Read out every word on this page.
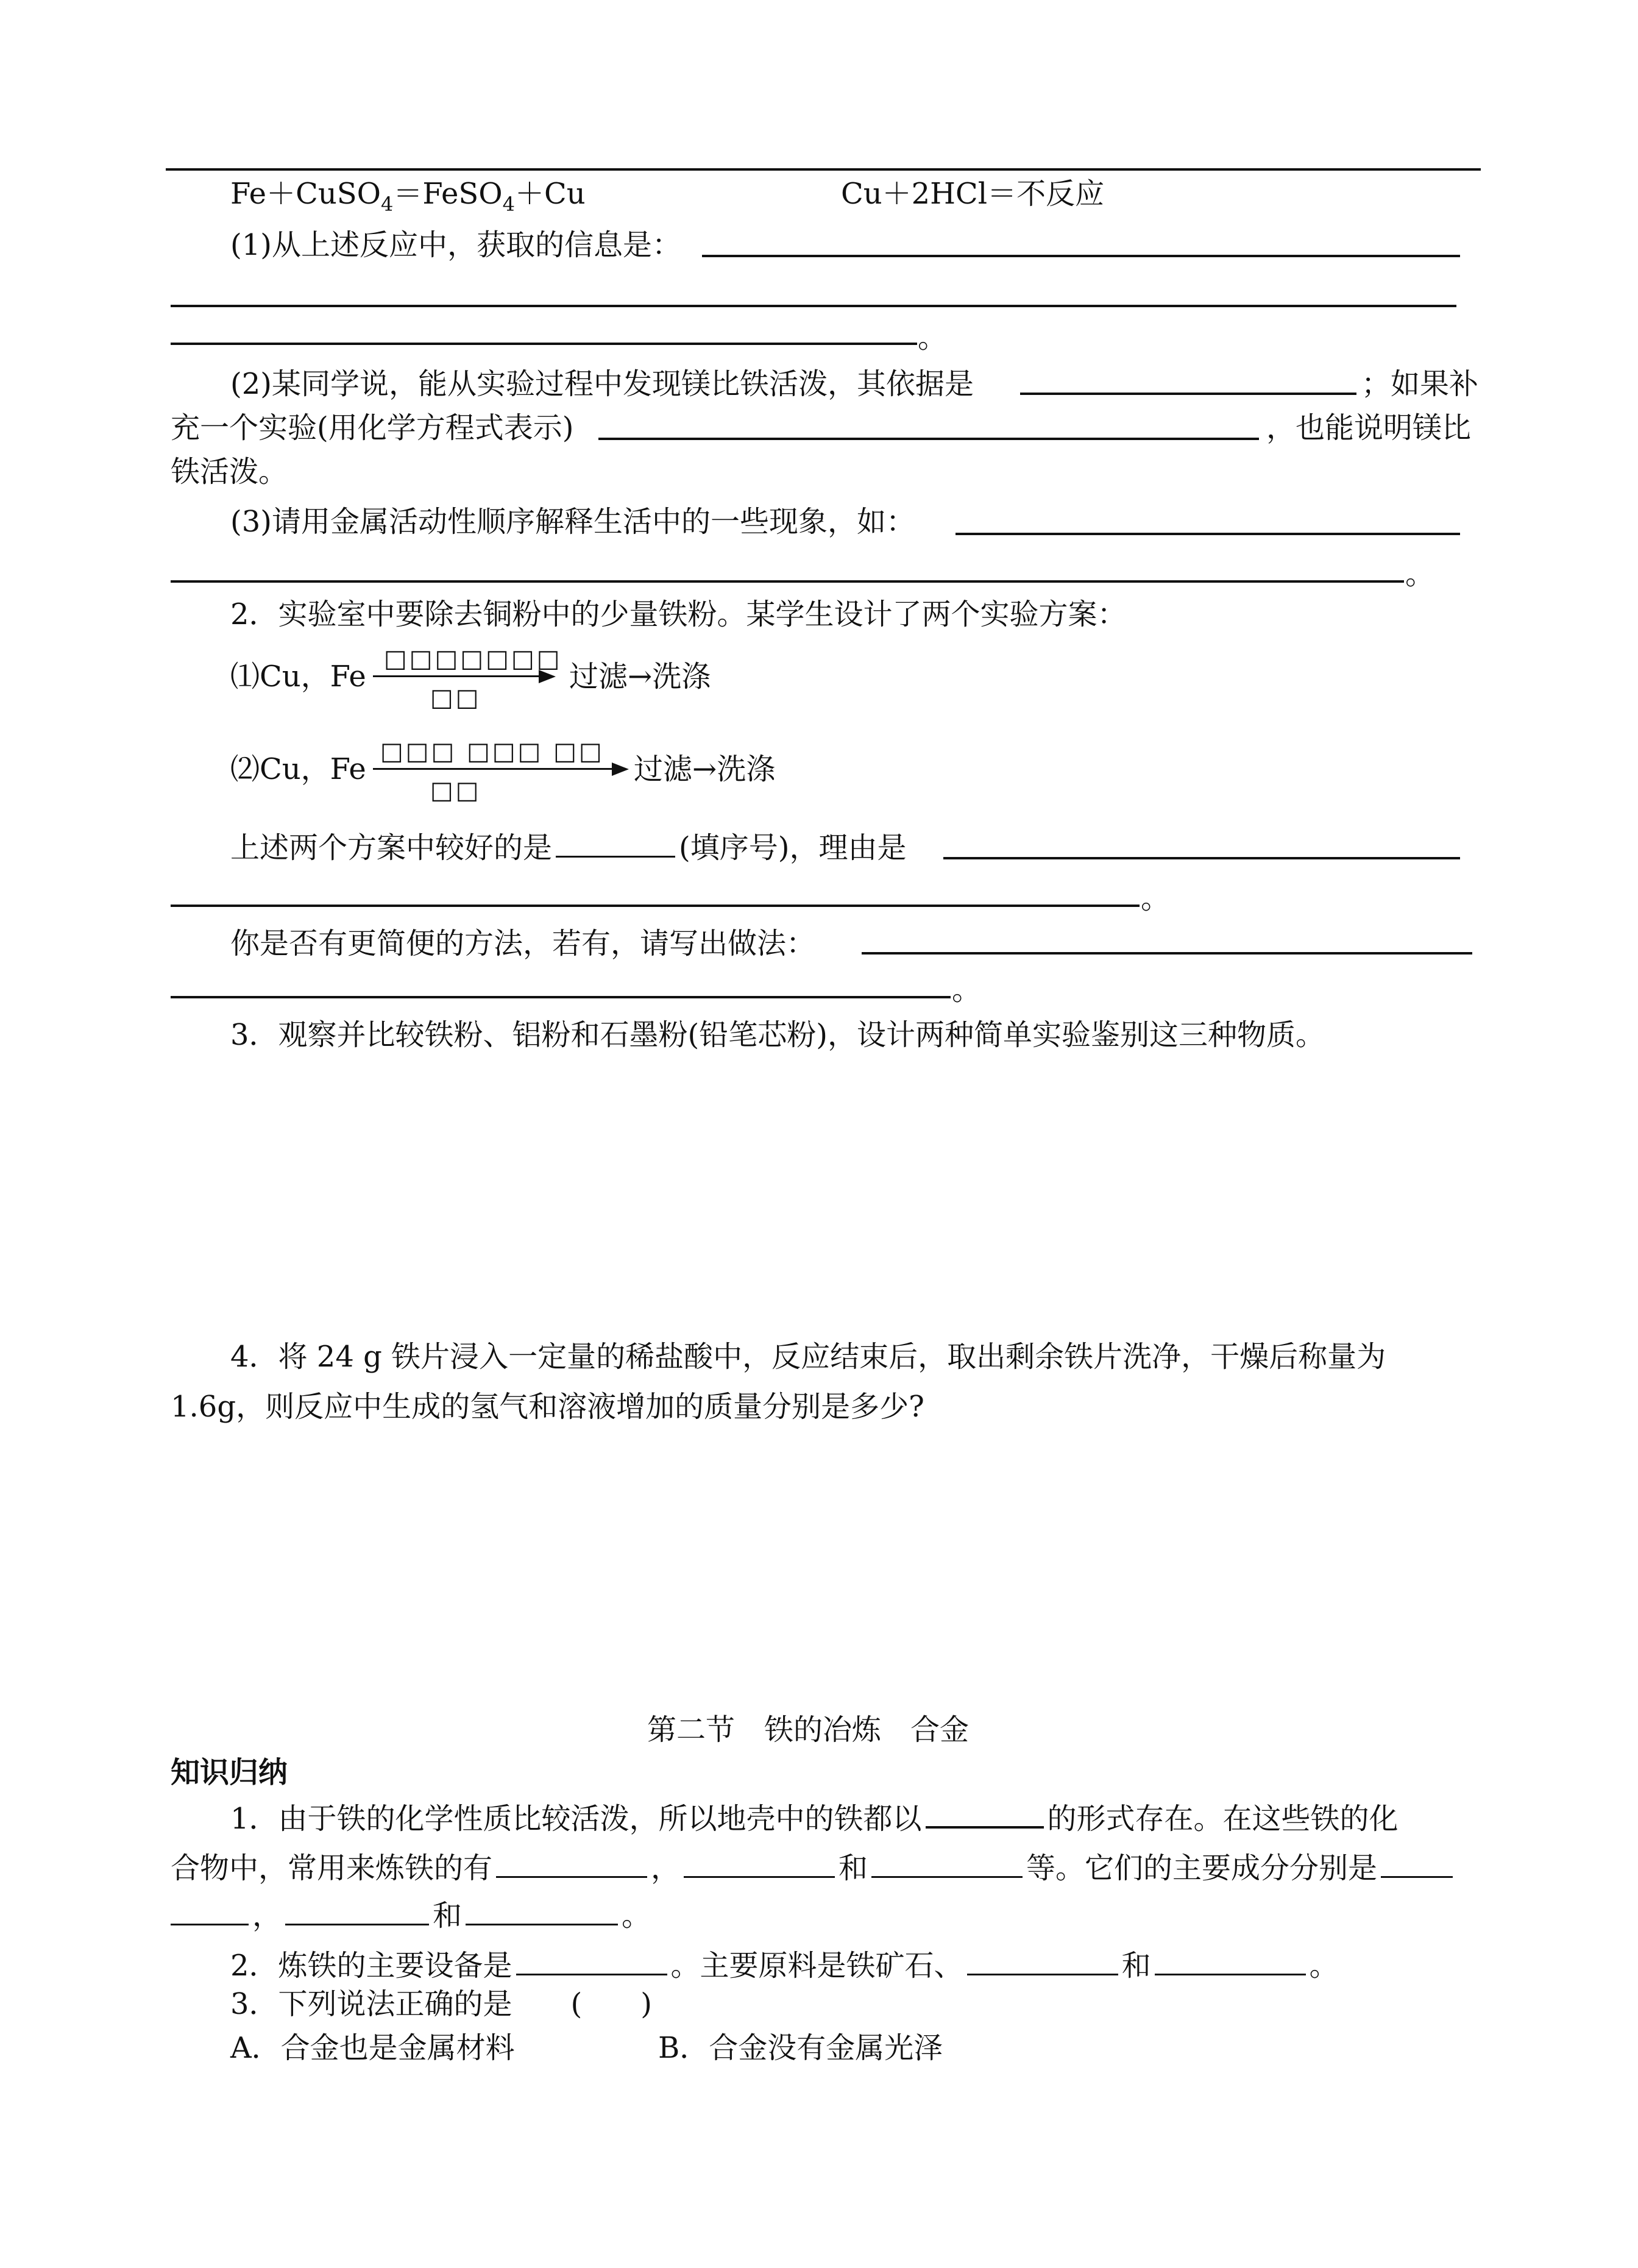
Fe＋CuSO$_4$＝FeSO$_4$＋Cu	Cu＋2HCl＝不反应
(1)从上述反应中，获取的信息是：
。
(2)某同学说，能从实验过程中发现镁比铁活泼，其依据是	；如果补
充一个实验(用化学方程式表示)	，也能说明镁比
铁活泼。
(3)请用金属活动性顺序解释生活中的一些现象，如：
。
2．实验室中要除去铜粉中的少量铁粉。某学生设计了两个实验方案：
⑴Cu，Fe
□□□□□□□
□□
过滤→洗涤
⑵Cu，Fe
□□□ □□□ □□
□□
过滤→洗涤
上述两个方案中较好的是	(填序号)，理由是
。
你是否有更简便的方法，若有，请写出做法：
。
3．观察并比较铁粉、铝粉和石墨粉(铅笔芯粉)，设计两种简单实验鉴别这三种物质。
4．将 24 g 铁片浸入一定量的稀盐酸中，反应结束后，取出剩余铁片洗净，干燥后称量为
1.6g，则反应中生成的氢气和溶液增加的质量分别是多少?
第二节　铁的冶炼　合金
知识归纳
1．由于铁的化学性质比较活泼，所以地壳中的铁都以	的形式存在。在这些铁的化
合物中，常用来炼铁的有	，	和	等。它们的主要成分分别是
，	和	。
2．炼铁的主要设备是	。主要原料是铁矿石、	和	。
3．下列说法正确的是　　(　　)
A．合金也是金属材料	B．合金没有金属光泽
